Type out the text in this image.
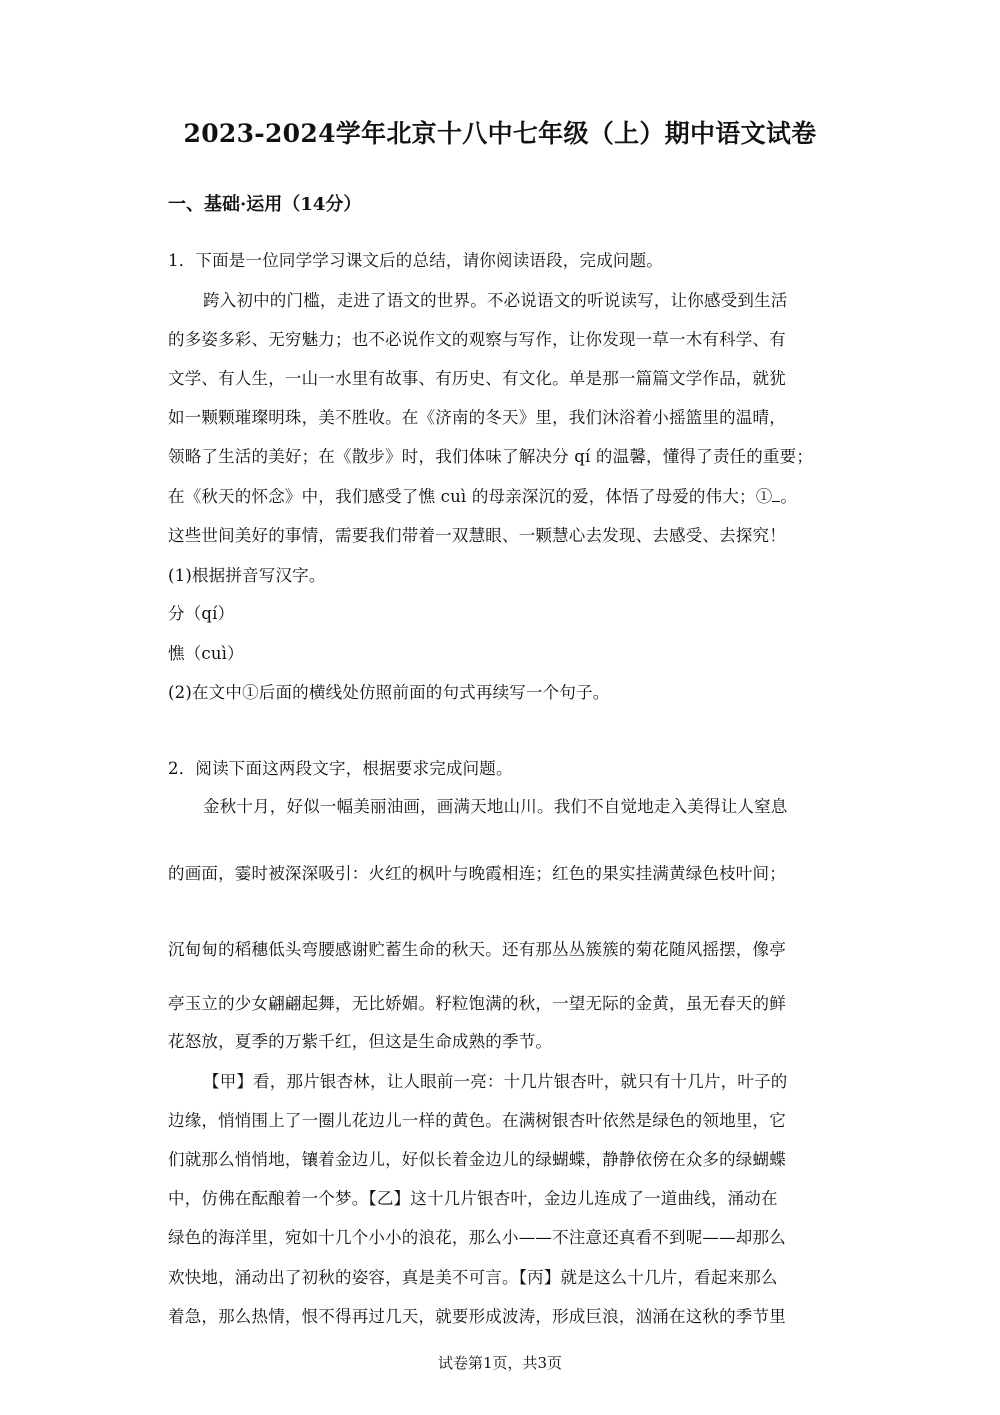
2023-2024学年北京十八中七年级（上）期中语文试卷
一、基础·运用（14分）
1．下面是一位同学学习课文后的总结，请你阅读语段，完成问题。
跨入初中的门槛，走进了语文的世界。不必说语文的听说读写，让你感受到生活
的多姿多彩、无穷魅力；也不必说作文的观察与写作，让你发现一草一木有科学、有
文学、有人生，一山一水里有故事、有历史、有文化。单是那一篇篇文学作品，就犹
如一颗颗璀璨明珠，美不胜收。在《济南的冬天》里，我们沐浴着小摇篮里的温晴，
领略了生活的美好；在《散步》时，我们体味了解决分 qí 的温馨，懂得了责任的重要；
在《秋天的怀念》中，我们感受了憔 cuì 的母亲深沉的爱，体悟了母爱的伟大；① 。
这些世间美好的事情，需要我们带着一双慧眼、一颗慧心去发现、去感受、去探究！
(1)根据拼音写汉字。
分（qí）
憔（cuì）
(2)在文中①后面的横线处仿照前面的句式再续写一个句子。
2．阅读下面这两段文字，根据要求完成问题。
金秋十月，好似一幅美丽油画，画满天地山川。我们不自觉地走入美得让人窒息
的画面，霎时被深深吸引：火红的枫叶与晚霞相连；红色的果实挂满黄绿色枝叶间；
沉甸甸的稻穗低头弯腰感谢贮蓄生命的秋天。还有那丛丛簇簇的菊花随风摇摆，像亭
亭玉立的少女翩翩起舞，无比娇媚。籽粒饱满的秋，一望无际的金黄，虽无春天的鲜
花怒放，夏季的万紫千红，但这是生命成熟的季节。
【甲】看，那片银杏林，让人眼前一亮：十几片银杏叶，就只有十几片，叶子的
边缘，悄悄围上了一圈儿花边儿一样的黄色。在满树银杏叶依然是绿色的领地里，它
们就那么悄悄地，镶着金边儿，好似长着金边儿的绿蝴蝶，静静依傍在众多的绿蝴蝶
中，仿佛在酝酿着一个梦。【乙】这十几片银杏叶，金边儿连成了一道曲线，涌动在
绿色的海洋里，宛如十几个小小的浪花，那么小——不注意还真看不到呢——却那么
欢快地，涌动出了初秋的姿容，真是美不可言。【丙】就是这么十几片，看起来那么
着急，那么热情，恨不得再过几天，就要形成波涛，形成巨浪，汹涌在这秋的季节里
试卷第1页，共3页
